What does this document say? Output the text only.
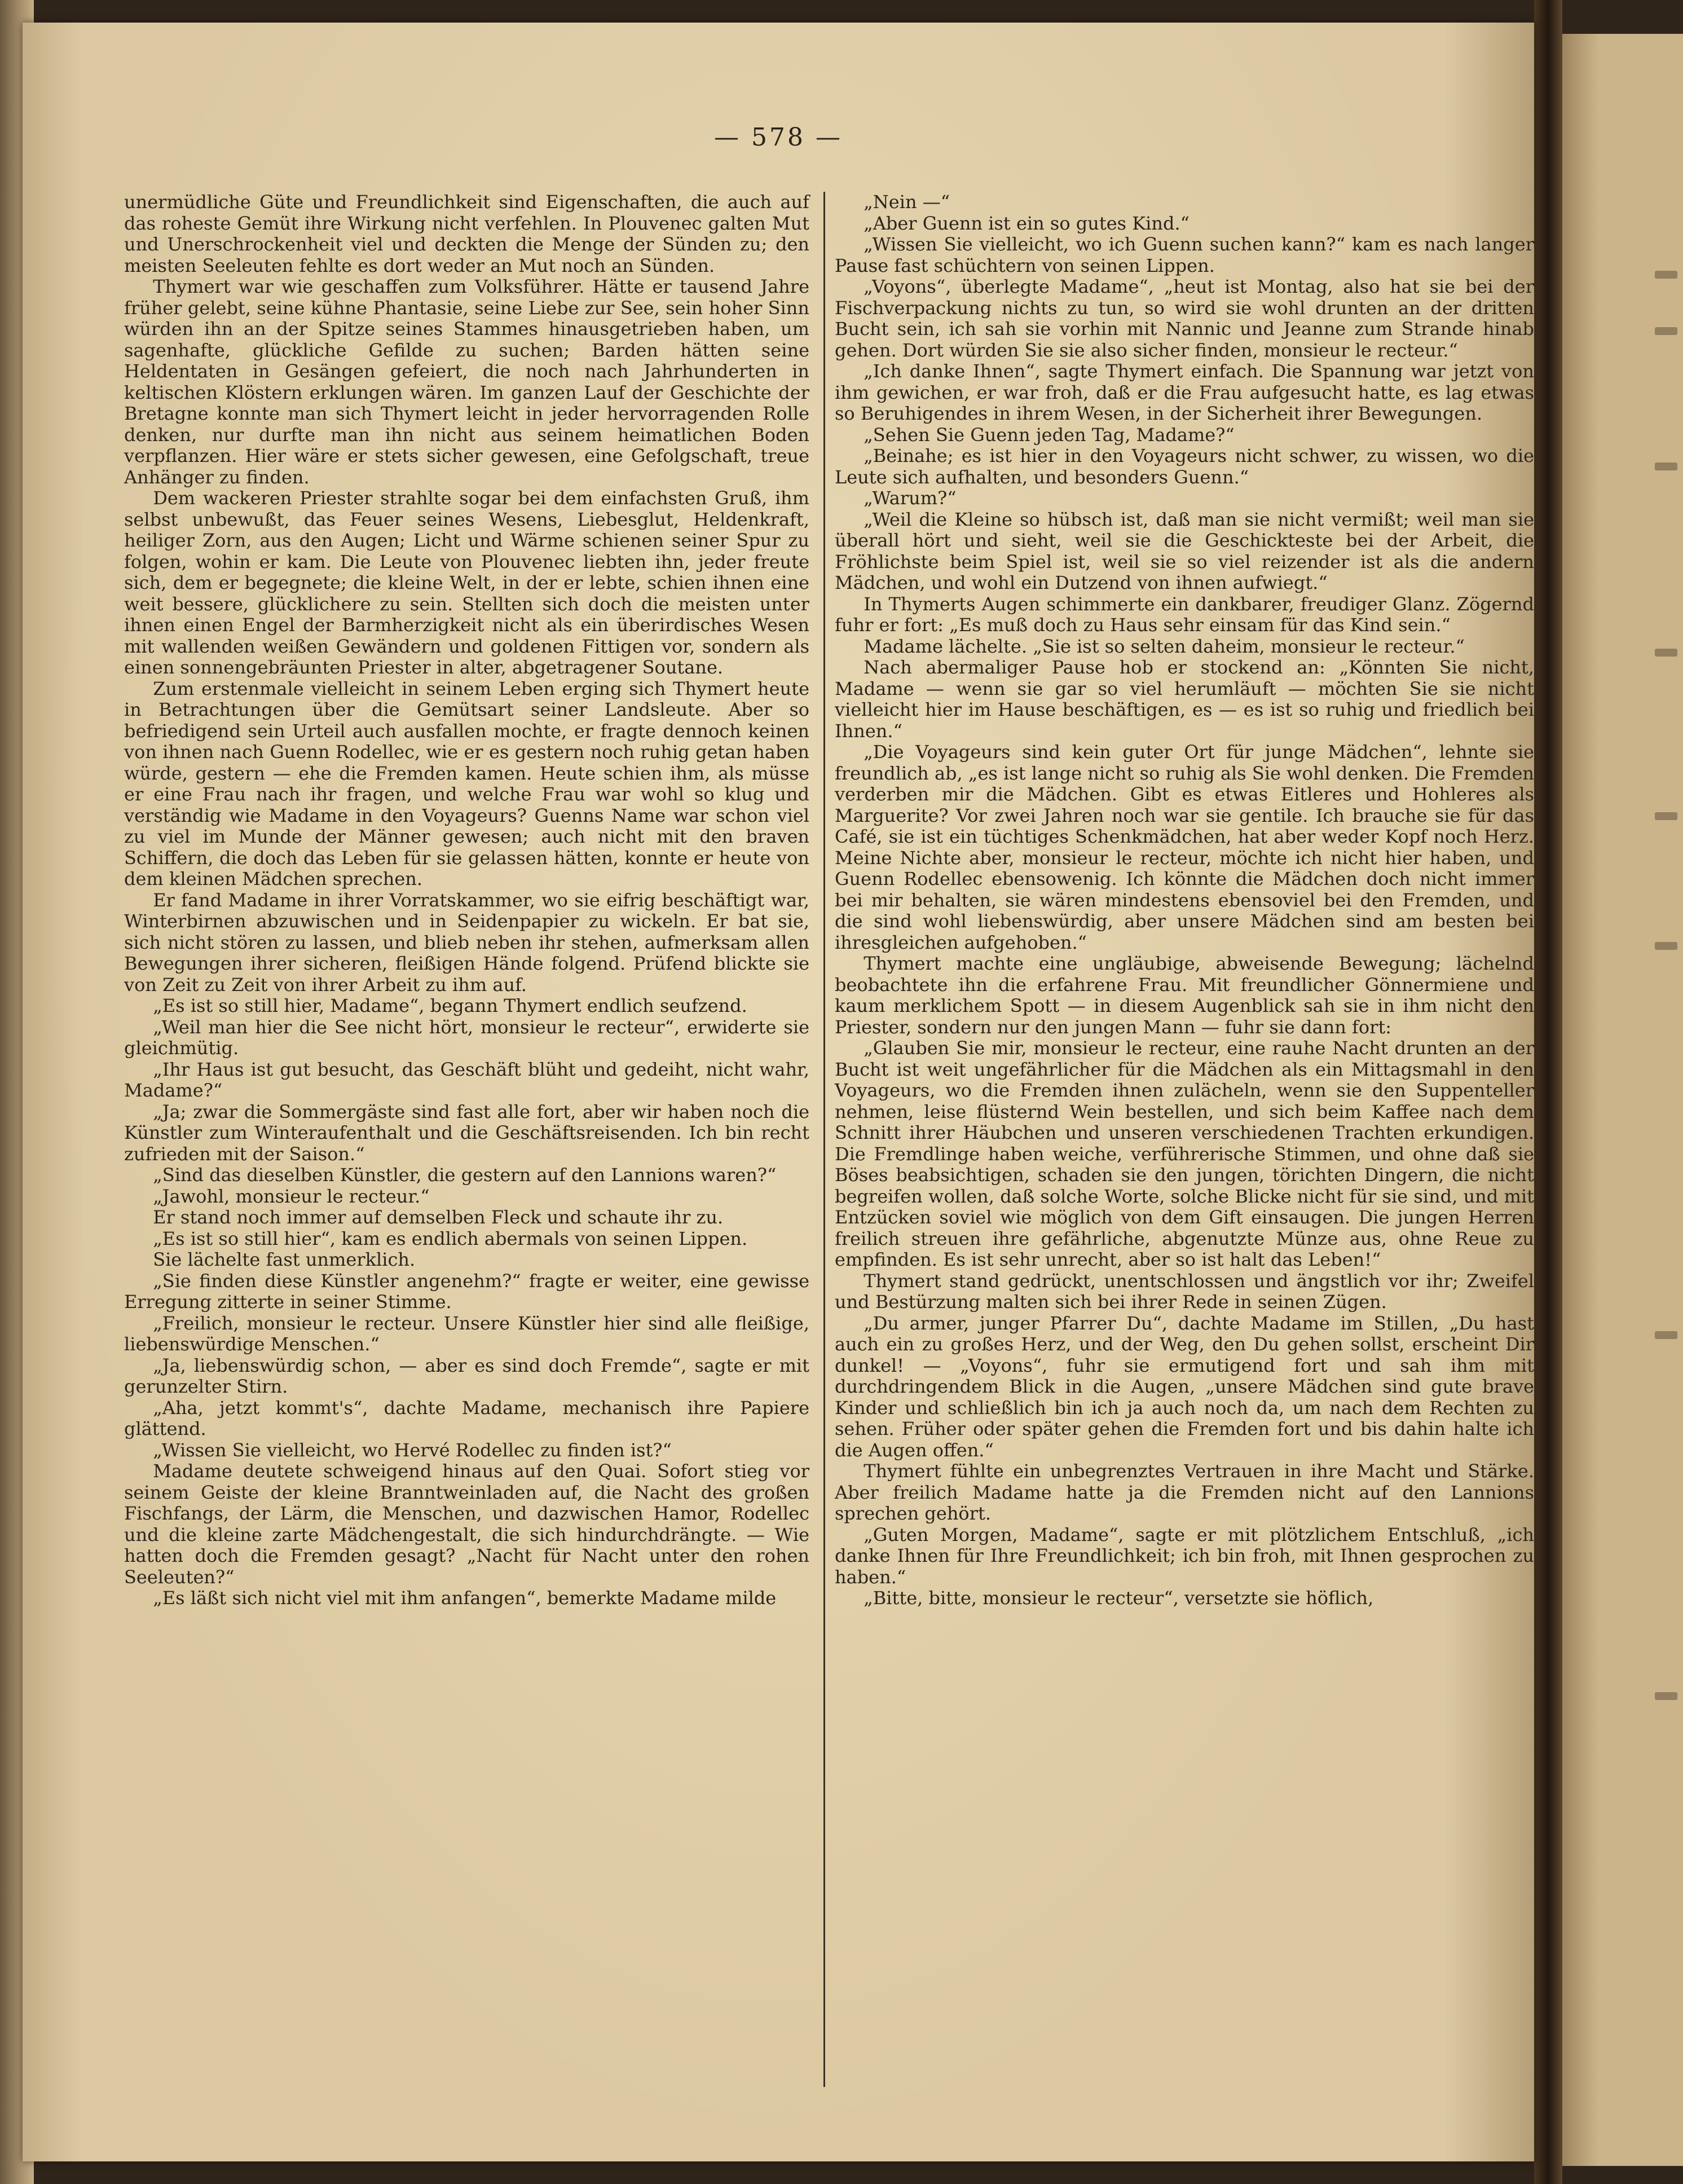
— 578 —

unermüdliche Güte und Freundlichkeit sind Eigenschaften, die auch auf das roheste Gemüt ihre Wirkung nicht verfehlen. In Plouvenec galten Mut und Unerschrockenheit viel und deckten die Menge der Sünden zu; den meisten Seeleuten fehlte es dort weder an Mut noch an Sünden.

Thymert war wie geschaffen zum Volksführer. Hätte er tausend Jahre früher gelebt, seine kühne Phantasie, seine Liebe zur See, sein hoher Sinn würden ihn an der Spitze seines Stammes hinausgetrieben haben, um sagenhafte, glückliche Gefilde zu suchen; Barden hätten seine Heldentaten in Gesängen gefeiert, die noch nach Jahrhunderten in keltischen Klöstern erklungen wären. Im ganzen Lauf der Geschichte der Bretagne konnte man sich Thymert leicht in jeder hervorragenden Rolle denken, nur durfte man ihn nicht aus seinem heimatlichen Boden verpflanzen. Hier wäre er stets sicher gewesen, eine Gefolgschaft, treue Anhänger zu finden.

Dem wackeren Priester strahlte sogar bei dem einfachsten Gruß, ihm selbst unbewußt, das Feuer seines Wesens, Liebesglut, Heldenkraft, heiliger Zorn, aus den Augen; Licht und Wärme schienen seiner Spur zu folgen, wohin er kam. Die Leute von Plouvenec liebten ihn, jeder freute sich, dem er begegnete; die kleine Welt, in der er lebte, schien ihnen eine weit bessere, glücklichere zu sein. Stellten sich doch die meisten unter ihnen einen Engel der Barmherzigkeit nicht als ein überirdisches Wesen mit wallenden weißen Gewändern und goldenen Fittigen vor, sondern als einen sonnengebräunten Priester in alter, abgetragener Soutane.

Zum erstenmale vielleicht in seinem Leben erging sich Thymert heute in Betrachtungen über die Gemütsart seiner Landsleute. Aber so befriedigend sein Urteil auch ausfallen mochte, er fragte dennoch keinen von ihnen nach Guenn Rodellec, wie er es gestern noch ruhig getan haben würde, gestern — ehe die Fremden kamen. Heute schien ihm, als müsse er eine Frau nach ihr fragen, und welche Frau war wohl so klug und verständig wie Madame in den Voyageurs? Guenns Name war schon viel zu viel im Munde der Männer gewesen; auch nicht mit den braven Schiffern, die doch das Leben für sie gelassen hätten, konnte er heute von dem kleinen Mädchen sprechen.

Er fand Madame in ihrer Vorratskammer, wo sie eifrig beschäftigt war, Winterbirnen abzuwischen und in Seidenpapier zu wickeln. Er bat sie, sich nicht stören zu lassen, und blieb neben ihr stehen, aufmerksam allen Bewegungen ihrer sicheren, fleißigen Hände folgend. Prüfend blickte sie von Zeit zu Zeit von ihrer Arbeit zu ihm auf.

„Es ist so still hier, Madame“, begann Thymert endlich seufzend.

„Weil man hier die See nicht hört, monsieur le recteur“, erwiderte sie gleichmütig.

„Ihr Haus ist gut besucht, das Geschäft blüht und gedeiht, nicht wahr, Madame?“

„Ja; zwar die Sommergäste sind fast alle fort, aber wir haben noch die Künstler zum Winteraufenthalt und die Geschäftsreisenden. Ich bin recht zufrieden mit der Saison.“

„Sind das dieselben Künstler, die gestern auf den Lannions waren?“

„Jawohl, monsieur le recteur.“

Er stand noch immer auf demselben Fleck und schaute ihr zu.

„Es ist so still hier“, kam es endlich abermals von seinen Lippen.

Sie lächelte fast unmerklich.

„Sie finden diese Künstler angenehm?“ fragte er weiter, eine gewisse Erregung zitterte in seiner Stimme.

„Freilich, monsieur le recteur. Unsere Künstler hier sind alle fleißige, liebenswürdige Menschen.“

„Ja, liebenswürdig schon, — aber es sind doch Fremde“, sagte er mit gerunzelter Stirn.

„Aha, jetzt kommt's“, dachte Madame, mechanisch ihre Papiere glättend.

„Wissen Sie vielleicht, wo Hervé Rodellec zu finden ist?“

Madame deutete schweigend hinaus auf den Quai. Sofort stieg vor seinem Geiste der kleine Branntweinladen auf, die Nacht des großen Fischfangs, der Lärm, die Menschen, und dazwischen Hamor, Rodellec und die kleine zarte Mädchengestalt, die sich hindurchdrängte. — Wie hatten doch die Fremden gesagt? „Nacht für Nacht unter den rohen Seeleuten?“

„Es läßt sich nicht viel mit ihm anfangen“, bemerkte Madame milde

„Nein —“

„Aber Guenn ist ein so gutes Kind.“

„Wissen Sie vielleicht, wo ich Guenn suchen kann?“ kam es nach langer Pause fast schüchtern von seinen Lippen.

„Voyons“, überlegte Madame“, „heut ist Montag, also hat sie bei der Fischverpackung nichts zu tun, so wird sie wohl drunten an der dritten Bucht sein, ich sah sie vorhin mit Nannic und Jeanne zum Strande hinab gehen. Dort würden Sie sie also sicher finden, monsieur le recteur.“

„Ich danke Ihnen“, sagte Thymert einfach. Die Spannung war jetzt von ihm gewichen, er war froh, daß er die Frau aufgesucht hatte, es lag etwas so Beruhigendes in ihrem Wesen, in der Sicherheit ihrer Bewegungen.

„Sehen Sie Guenn jeden Tag, Madame?“

„Beinahe; es ist hier in den Voyageurs nicht schwer, zu wissen, wo die Leute sich aufhalten, und besonders Guenn.“

„Warum?“

„Weil die Kleine so hübsch ist, daß man sie nicht vermißt; weil man sie überall hört und sieht, weil sie die Geschickteste bei der Arbeit, die Fröhlichste beim Spiel ist, weil sie so viel reizender ist als die andern Mädchen, und wohl ein Dutzend von ihnen aufwiegt.“

In Thymerts Augen schimmerte ein dankbarer, freudiger Glanz. Zögernd fuhr er fort: „Es muß doch zu Haus sehr einsam für das Kind sein.“

Madame lächelte. „Sie ist so selten daheim, monsieur le recteur.“

Nach abermaliger Pause hob er stockend an: „Könnten Sie nicht, Madame — wenn sie gar so viel herumläuft — möchten Sie sie nicht vielleicht hier im Hause beschäftigen, es — es ist so ruhig und friedlich bei Ihnen.“

„Die Voyageurs sind kein guter Ort für junge Mädchen“, lehnte sie freundlich ab, „es ist lange nicht so ruhig als Sie wohl denken. Die Fremden verderben mir die Mädchen. Gibt es etwas Eitleres und Hohleres als Marguerite? Vor zwei Jahren noch war sie gentile. Ich brauche sie für das Café, sie ist ein tüchtiges Schenkmädchen, hat aber weder Kopf noch Herz. Meine Nichte aber, monsieur le recteur, möchte ich nicht hier haben, und Guenn Rodellec ebensowenig. Ich könnte die Mädchen doch nicht immer bei mir behalten, sie wären mindestens ebensoviel bei den Fremden, und die sind wohl liebenswürdig, aber unsere Mädchen sind am besten bei ihresgleichen aufgehoben.“

Thymert machte eine ungläubige, abweisende Bewegung; lächelnd beobachtete ihn die erfahrene Frau. Mit freundlicher Gönnermiene und kaum merklichem Spott — in diesem Augenblick sah sie in ihm nicht den Priester, sondern nur den jungen Mann — fuhr sie dann fort:

„Glauben Sie mir, monsieur le recteur, eine rauhe Nacht drunten an der Bucht ist weit ungefährlicher für die Mädchen als ein Mittagsmahl in den Voyageurs, wo die Fremden ihnen zulächeln, wenn sie den Suppenteller nehmen, leise flüsternd Wein bestellen, und sich beim Kaffee nach dem Schnitt ihrer Häubchen und unseren verschiedenen Trachten erkundigen. Die Fremdlinge haben weiche, verführerische Stimmen, und ohne daß sie Böses beabsichtigen, schaden sie den jungen, törichten Dingern, die nicht begreifen wollen, daß solche Worte, solche Blicke nicht für sie sind, und mit Entzücken soviel wie möglich von dem Gift einsaugen. Die jungen Herren freilich streuen ihre gefährliche, abgenutzte Münze aus, ohne Reue zu empfinden. Es ist sehr unrecht, aber so ist halt das Leben!“

Thymert stand gedrückt, unentschlossen und ängstlich vor ihr; Zweifel und Bestürzung malten sich bei ihrer Rede in seinen Zügen.

„Du armer, junger Pfarrer Du“, dachte Madame im Stillen, „Du hast auch ein zu großes Herz, und der Weg, den Du gehen sollst, erscheint Dir dunkel! — „Voyons“, fuhr sie ermutigend fort und sah ihm mit durchdringendem Blick in die Augen, „unsere Mädchen sind gute brave Kinder und schließlich bin ich ja auch noch da, um nach dem Rechten zu sehen. Früher oder später gehen die Fremden fort und bis dahin halte ich die Augen offen.“

Thymert fühlte ein unbegrenztes Vertrauen in ihre Macht und Stärke. Aber freilich Madame hatte ja die Fremden nicht auf den Lannions sprechen gehört.

„Guten Morgen, Madame“, sagte er mit plötzlichem Entschluß, „ich danke Ihnen für Ihre Freundlichkeit; ich bin froh, mit Ihnen gesprochen zu haben.“

„Bitte, bitte, monsieur le recteur“, versetzte sie höflich,
